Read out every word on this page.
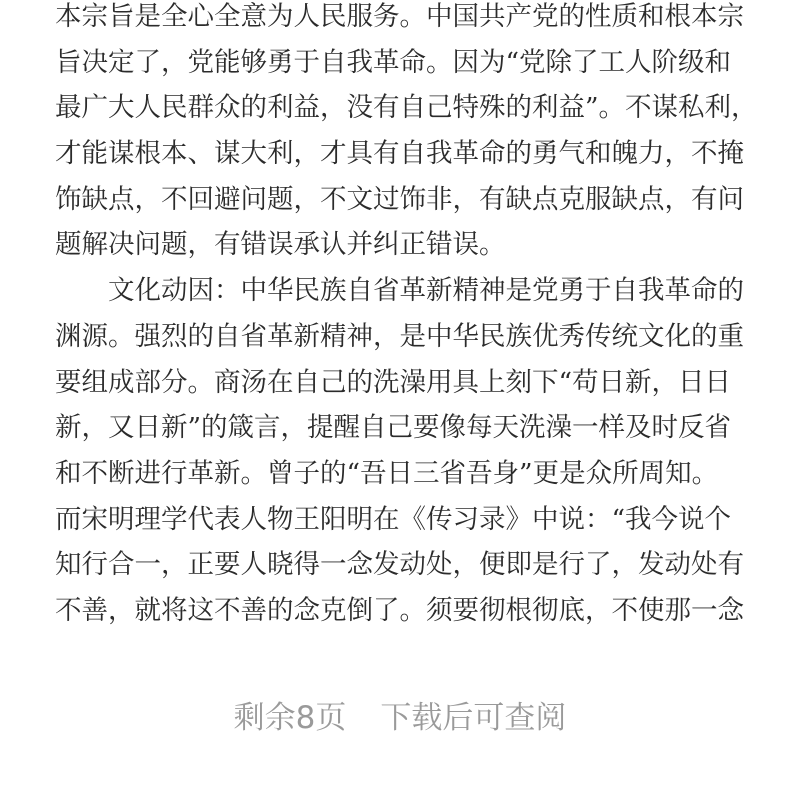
本宗旨是全心全意为人民服务。中国共产党的性质和根本宗
旨决定了，党能够勇于自我革命。因为“党除了工人阶级和
最广大人民群众的利益，没有自己特殊的利益”。不谋私利，
才能谋根本、谋大利，才具有自我革命的勇气和魄力，不掩
饰缺点，不回避问题，不文过饰非，有缺点克服缺点，有问
题解决问题，有错误承认并纠正错误。
文化动因：中华民族自省革新精神是党勇于自我革命的
渊源。强烈的自省革新精神，是中华民族优秀传统文化的重
要组成部分。商汤在自己的洗澡用具上刻下“苟日新，日日
新，又日新”的箴言，提醒自己要像每天洗澡一样及时反省
和不断进行革新。曾子的“吾日三省吾身”更是众所周知。
而宋明理学代表人物王阳明在《传习录》中说：“我今说个
知行合一，正要人晓得一念发动处，便即是行了，发动处有
不善，就将这不善的念克倒了。须要彻根彻底，不使那一念
剩余8页 下载后可查阅
